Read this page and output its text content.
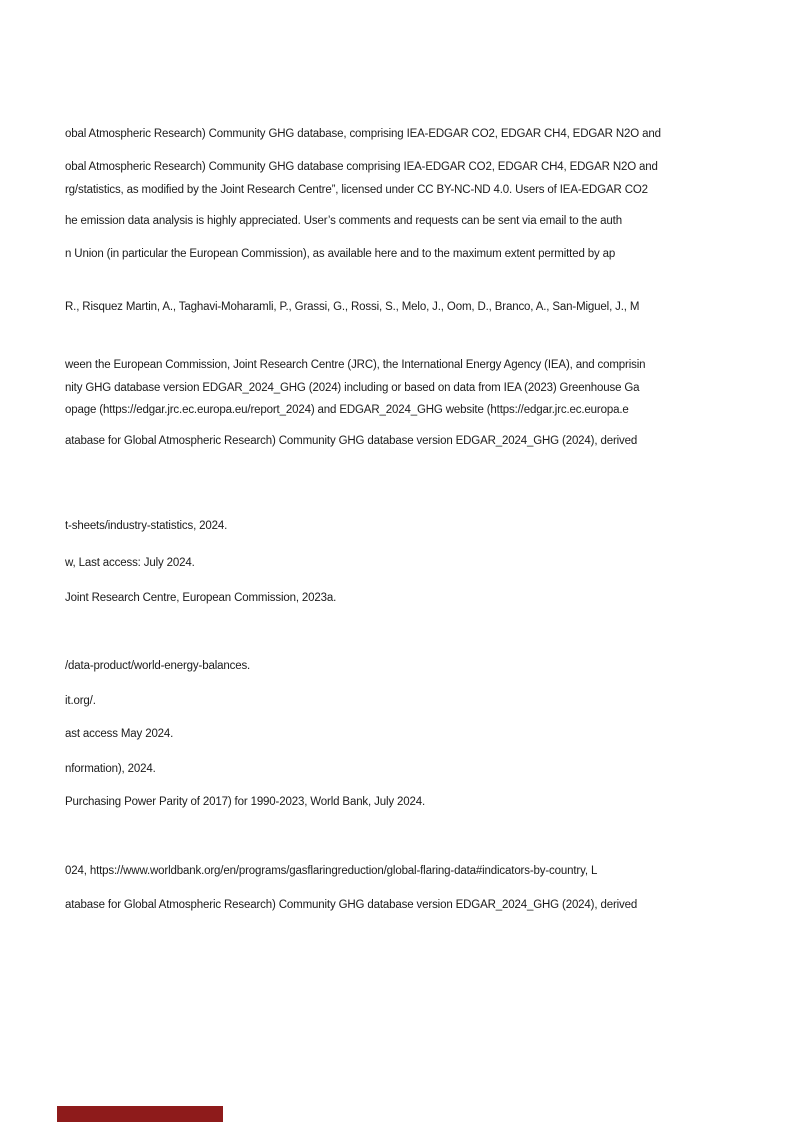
obal Atmospheric Research) Community GHG database, comprising IEA-EDGAR CO2, EDGAR CH4, EDGAR N2O and
obal Atmospheric Research) Community GHG database comprising IEA-EDGAR CO2, EDGAR CH4, EDGAR N2O and
rg/statistics, as modified by the Joint Research Centre”, licensed under CC BY-NC-ND 4.0. Users of IEA-EDGAR CO2
he emission data analysis is highly appreciated. User’s comments and requests can be sent via email to the auth
n Union (in particular the European Commission), as available here and to the maximum extent permitted by ap
R., Risquez Martin, A., Taghavi-Moharamli, P., Grassi, G., Rossi, S., Melo, J., Oom, D., Branco, A., San-Miguel, J., M
ween the European Commission, Joint Research Centre (JRC), the International Energy Agency (IEA), and comprisin
nity GHG database version EDGAR_2024_GHG (2024) including or based on data from IEA (2023) Greenhouse Ga
opage (https://edgar.jrc.ec.europa.eu/report_2024) and EDGAR_2024_GHG website (https://edgar.jrc.ec.europa.e
atabase for Global Atmospheric Research) Community GHG database version EDGAR_2024_GHG (2024), derived
t-sheets/industry-statistics, 2024.
w, Last access: July 2024.
Joint Research Centre, European Commission, 2023a.
/data-product/world-energy-balances.
it.org/.
ast access May 2024.
nformation), 2024.
Purchasing Power Parity of 2017) for 1990-2023, World Bank, July 2024.
024, https://www.worldbank.org/en/programs/gasflaringreduction/global-flaring-data#indicators-by-country, L
atabase for Global Atmospheric Research) Community GHG database version EDGAR_2024_GHG (2024), derived
